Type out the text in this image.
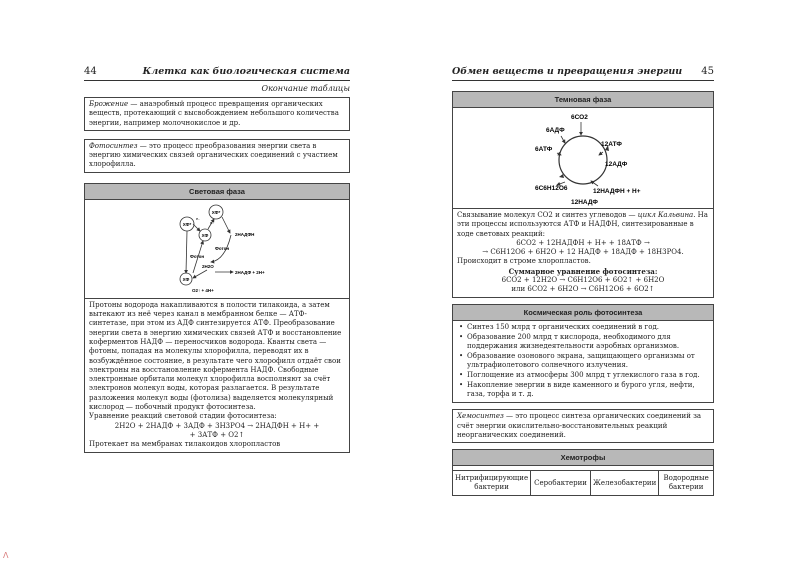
44	Клетка как биологическая система
Окончание таблицы
Брожение — анаэробный процесс превращения органических веществ, протекающий с высвобождением небольшого количества энергии, например молочнокислое и др.
Фотосинтез — это процесс преобразования энергии света в энергию химических связей органических соединений с участием хлорофилла.
Световая фаза
ХФ*
ХФ*
ХФ
ХФ
е-
е-
Фотон
Фотон
2НАДФН
2Н2О
2НАДФ + 2Н+
О2↑ + 4Н+
Протоны водорода накапливаются в полости тилакоида, а затем вытекают из неё через канал в мембранном белке — АТФ-синтетазе, при этом из АДФ синтезируется АТФ. Преобразование энергии света в энергию химических связей АТФ и восстановление коферментов НАДФ — переносчиков водорода. Кванты света — фотоны, попадая на молекулы хлорофилла, переводят их в возбуждённое состояние, в результате чего хлорофилл отдаёт свои электроны на восстановление кофермента НАДФ. Свободные электронные орбитали молекул хлорофилла восполняют за счёт электронов молекул воды, которая разлагается. В результате разложения молекул воды (фотолиза) выделяется молекулярный кислород — побочный продукт фотосинтеза.
Уравнение реакций световой стадии фотосинтеза:
2Н2О + 2НАДФ + 3АДФ + 3Н3РО4 → 2НАДФН + Н+ +
+ 3АТФ + О2↑
Протекает на мембранах тилакоидов хлоропластов
Обмен веществ и превращения энергии 45
Темновая фаза
6СО2
6АДФ
6АТФ
12АТФ
12АДФ
6С6Н12О6	12НАДФН + Н+
12НАДФ
Связывание молекул СО2 и синтез углеводов — цикл Кальвина. На эти процессы используются АТФ и НАДФН, синтезированные в ходе световых реакций:
6СО2 + 12НАДФН + Н+ + 18АТФ →
→ С6Н12О6 + 6Н2О + 12 НАДФ + 18АДФ + 18Н3РО4.
Происходит в строме хлоропластов.
Суммарное уравнение фотосинтеза:
6СО2 + 12Н2О → С6Н12О6 + 6О2↑ + 6Н2О
или 6СО2 + 6Н2О → С6Н12О6 + 6О2↑
Космическая роль фотосинтеза
• Синтез 150 млрд т органических соединений в год.
• Образование 200 млрд т кислорода, необходимого для поддержания жизнедеятельности аэробных организмов.
• Образование озонового экрана, защищающего организмы от ультрафиолетового солнечного излучения.
• Поглощение из атмосферы 300 млрд т углекислого газа в год.
• Накопление энергии в виде каменного и бурого угля, нефти, газа, торфа и т. д.
Хемосинтез — это процесс синтеза органических соединений за счёт энергии окислительно-восстановительных реакций неорганических соединений.
Хемотрофы
Нитрифицирующие бактерии	Серобактерии	Железобактерии	Водородные бактерии
Λ
